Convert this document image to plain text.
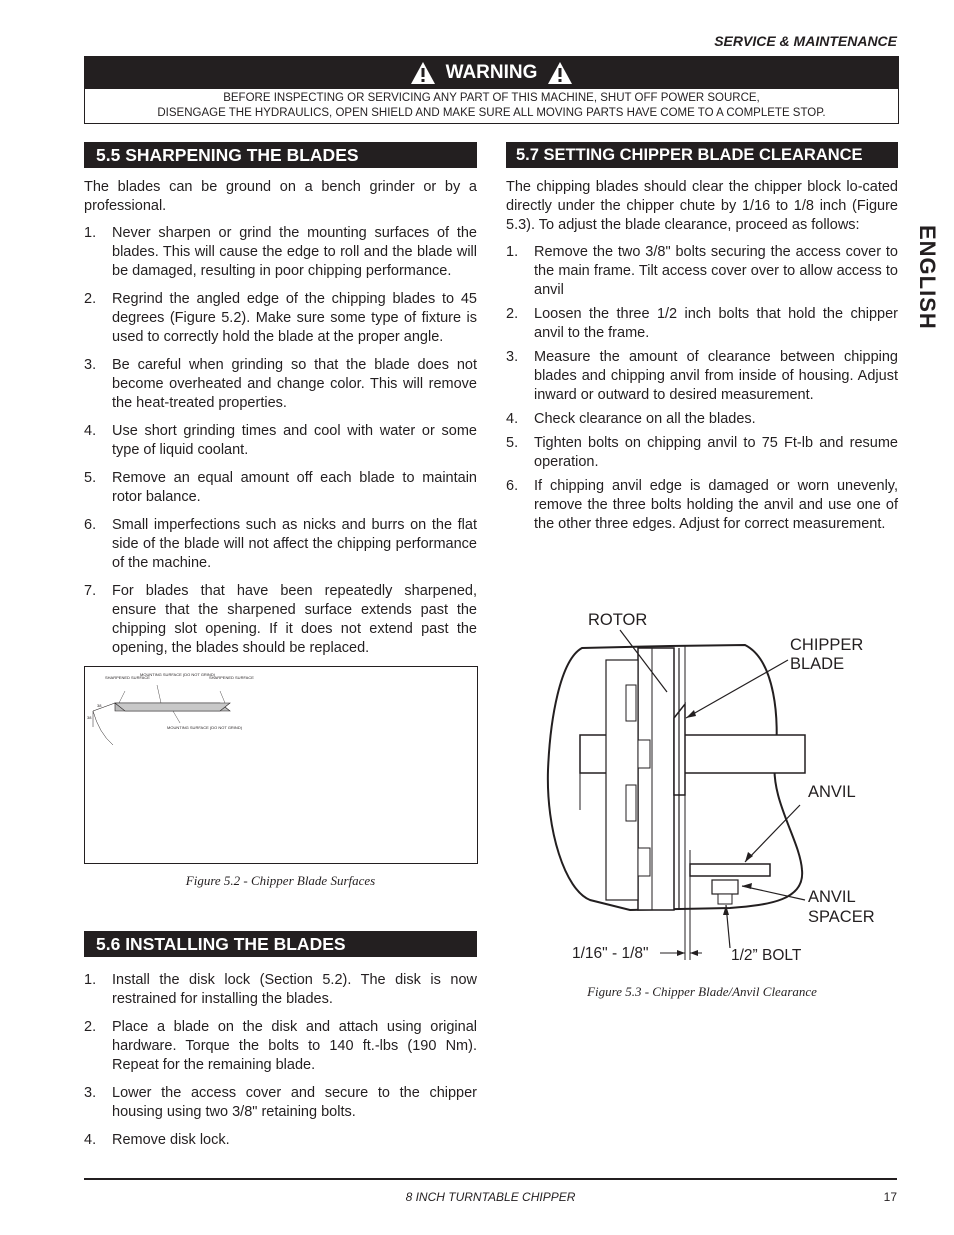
SERVICE & MAINTENANCE
WARNING
BEFORE INSPECTING OR SERVICING ANY PART OF THIS MACHINE, SHUT OFF POWER SOURCE,
DISENGAGE THE HYDRAULICS, OPEN SHIELD AND MAKE SURE ALL MOVING PARTS HAVE COME TO A COMPLETE STOP.
ENGLISH
5.5 SHARPENING THE BLADES

The blades can be ground on a bench grinder or by a professional.

1. Never sharpen or grind the mounting surfaces of the blades. This will cause the edge to roll and the blade will be damaged, resulting in poor chipping performance.
2. Regrind the angled edge of the chipping blades to 45 degrees (Figure 5.2). Make sure some type of fixture is used to correctly hold the blade at the proper angle.
3. Be careful when grinding so that the blade does not become overheated and change color. This will remove the heat-treated properties.
4. Use short grinding times and cool with water or some type of liquid coolant.
5. Remove an equal amount off each blade to maintain rotor balance.
6. Small imperfections such as nicks and burrs on the flat side of the blade will not affect the chipping performance of the machine.
7. For blades that have been repeatedly sharpened, ensure that the sharpened surface extends past the chipping slot opening. If it does not extend past the opening, the blades should be replaced.
SHARPENED SURFACE
MOUNTING SURFACE (DO NOT GRIND)
SHARPENED SURFACE
MOUNTING SURFACE (DO NOT GRIND)
38
38
Figure 5.2 - Chipper Blade Surfaces
5.6 INSTALLING THE BLADES
1. Install the disk lock (Section 5.2). The disk is now restrained for installing the blades.
2. Place a blade on the disk and attach using original hardware. Torque the bolts to 140 ft.-lbs (190 Nm). Repeat for the remaining blade.
3. Lower the access cover and secure to the chipper housing using two 3/8" retaining bolts.
4. Remove disk lock.
5.7 SETTING CHIPPER BLADE CLEARANCE

The chipping blades should clear the chipper block lo-cated directly under the chipper chute by 1/16 to 1/8 inch (Figure 5.3). To adjust the blade clearance, proceed as follows:

1. Remove the two 3/8" bolts securing the access cover to the main frame. Tilt access cover over to allow access to anvil
2. Loosen the three 1/2 inch bolts that hold the chipper anvil to the frame.
3. Measure the amount of clearance between chipping blades and chipping anvil from inside of housing. Adjust inward or outward to desired measurement.
4. Check clearance on all the blades.
5. Tighten bolts on chipping anvil to 75 Ft-lb and resume operation.
6. If chipping anvil edge is damaged or worn unevenly, remove the three bolts holding the anvil and use one of the other three edges. Adjust for correct measurement.
ROTOR
CHIPPER
BLADE
ANVIL
ANVIL
SPACER
1/16" - 1/8"	1/2” BOLT
Figure 5.3 - Chipper Blade/Anvil Clearance
8 INCH TURNTABLE CHIPPER	17
